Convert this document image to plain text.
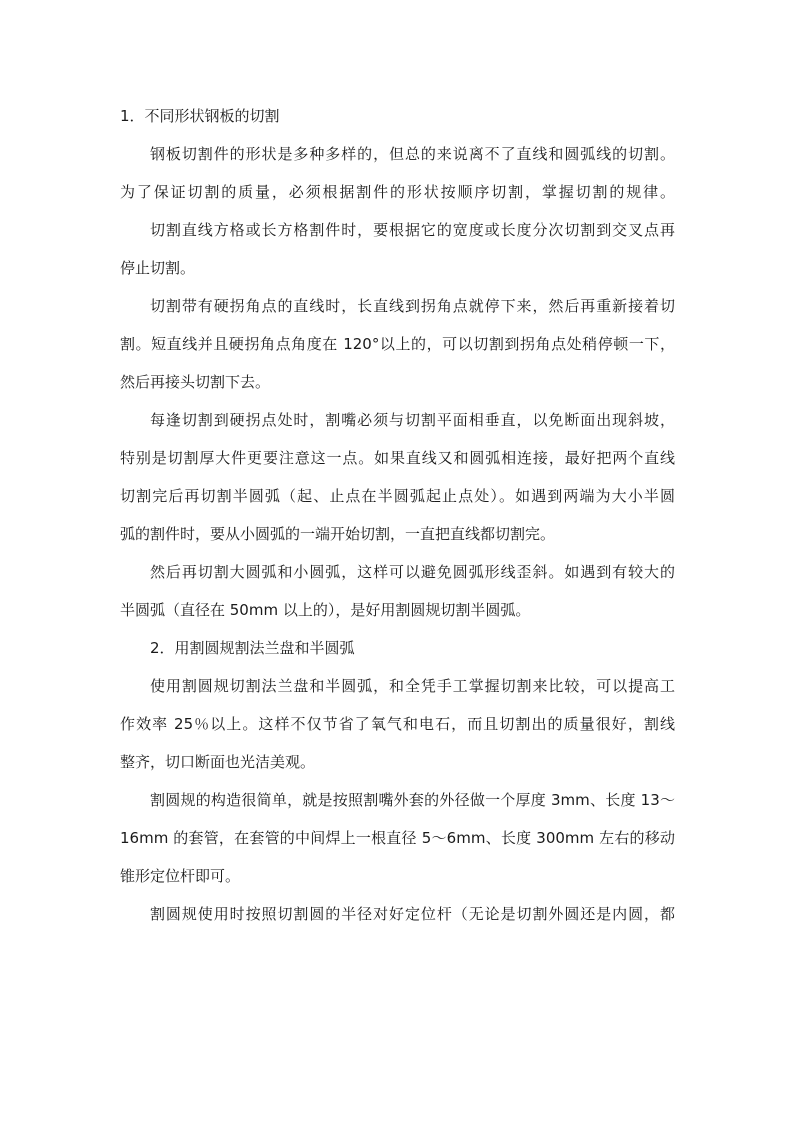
1．不同形状钢板的切割
钢板切割件的形状是多种多样的，但总的来说离不了直线和圆弧线的切割。
为了保证切割的质量，必须根据割件的形状按顺序切割，掌握切割的规律。
切割直线方格或长方格割件时，要根据它的宽度或长度分次切割到交叉点再
停止切割。
切割带有硬拐角点的直线时，长直线到拐角点就停下来，然后再重新接着切
割。短直线并且硬拐角点角度在 120°以上的，可以切割到拐角点处稍停顿一下，
然后再接头切割下去。
每逢切割到硬拐点处时，割嘴必须与切割平面相垂直，以免断面出现斜坡，
特别是切割厚大件更要注意这一点。如果直线又和圆弧相连接，最好把两个直线
切割完后再切割半圆弧（起、止点在半圆弧起止点处）。如遇到两端为大小半圆
弧的割件时，要从小圆弧的一端开始切割，一直把直线都切割完。
然后再切割大圆弧和小圆弧，这样可以避免圆弧形线歪斜。如遇到有较大的
半圆弧（直径在 50mm 以上的），是好用割圆规切割半圆弧。
2．用割圆规割法兰盘和半圆弧
使用割圆规切割法兰盘和半圆弧，和全凭手工掌握切割来比较，可以提高工
作效率 25％以上。这样不仅节省了氧气和电石，而且切割出的质量很好，割线
整齐，切口断面也光洁美观。
割圆规的构造很简单，就是按照割嘴外套的外径做一个厚度 3mm、长度 13～
16mm 的套管，在套管的中间焊上一根直径 5～6mm、长度 300mm 左右的移动
锥形定位杆即可。
割圆规使用时按照切割圆的半径对好定位杆（无论是切割外圆还是内圆，都
